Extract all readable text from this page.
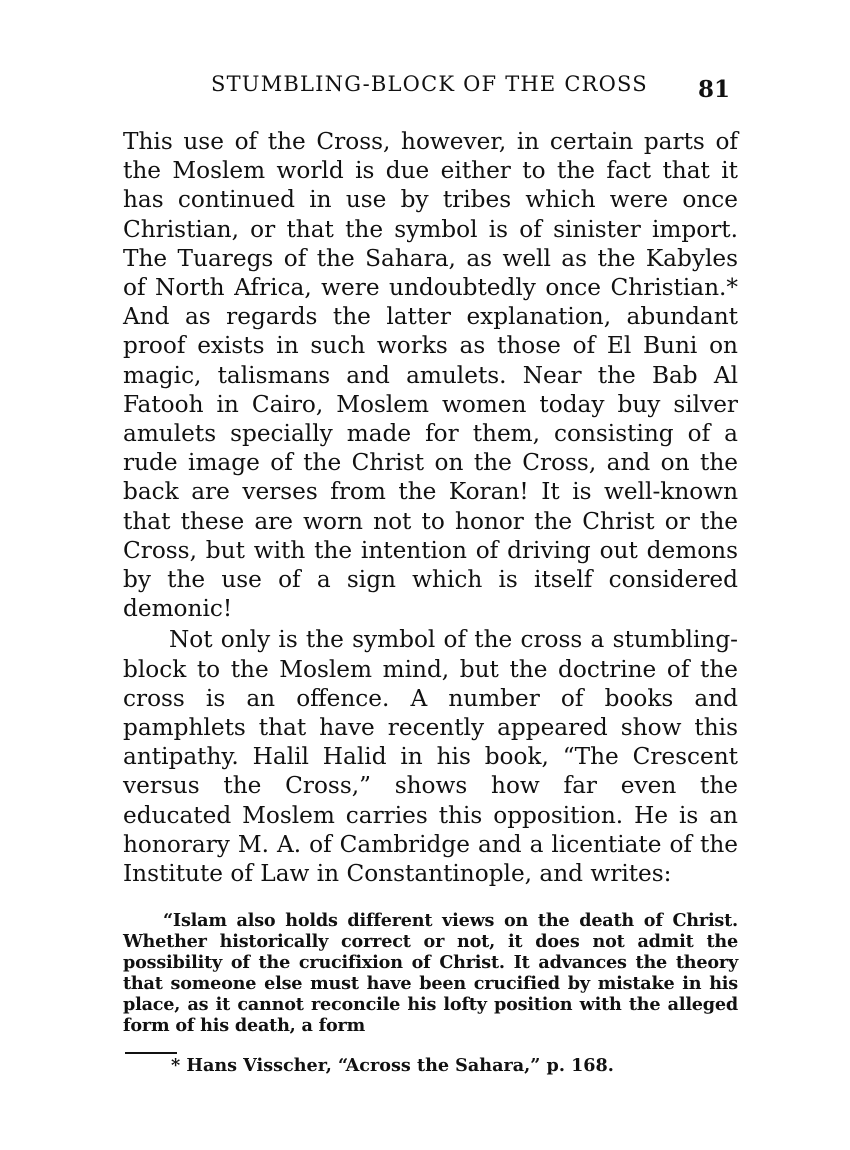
STUMBLING-BLOCK OF THE CROSS 81

This use of the Cross, however, in certain parts of the Moslem world is due either to the fact that it has continued in use by tribes which were once Christian, or that the symbol is of sinister import. The Tuaregs of the Sahara, as well as the Kabyles of North Africa, were undoubtedly once Christian.* And as regards the latter explanation, abundant proof exists in such works as those of El Buni on magic, talismans and amulets. Near the Bab Al Fatooh in Cairo, Moslem women today buy silver amulets specially made for them, consisting of a rude image of the Christ on the Cross, and on the back are verses from the Koran! It is well-known that these are worn not to honor the Christ or the Cross, but with the intention of driving out demons by the use of a sign which is itself considered demonic!

Not only is the symbol of the cross a stumbling-block to the Moslem mind, but the doctrine of the cross is an offence. A number of books and pamphlets that have recently appeared show this antipathy. Halil Halid in his book, “The Crescent versus the Cross,” shows how far even the educated Moslem carries this opposition. He is an honorary M. A. of Cambridge and a licentiate of the Institute of Law in Constantinople, and writes:

“Islam also holds different views on the death of Christ. Whether historically correct or not, it does not admit the possibility of the crucifixion of Christ. It advances the theory that someone else must have been crucified by mistake in his place, as it cannot reconcile his lofty position with the alleged form of his death, a form

* Hans Visscher, “Across the Sahara,” p. 168.
